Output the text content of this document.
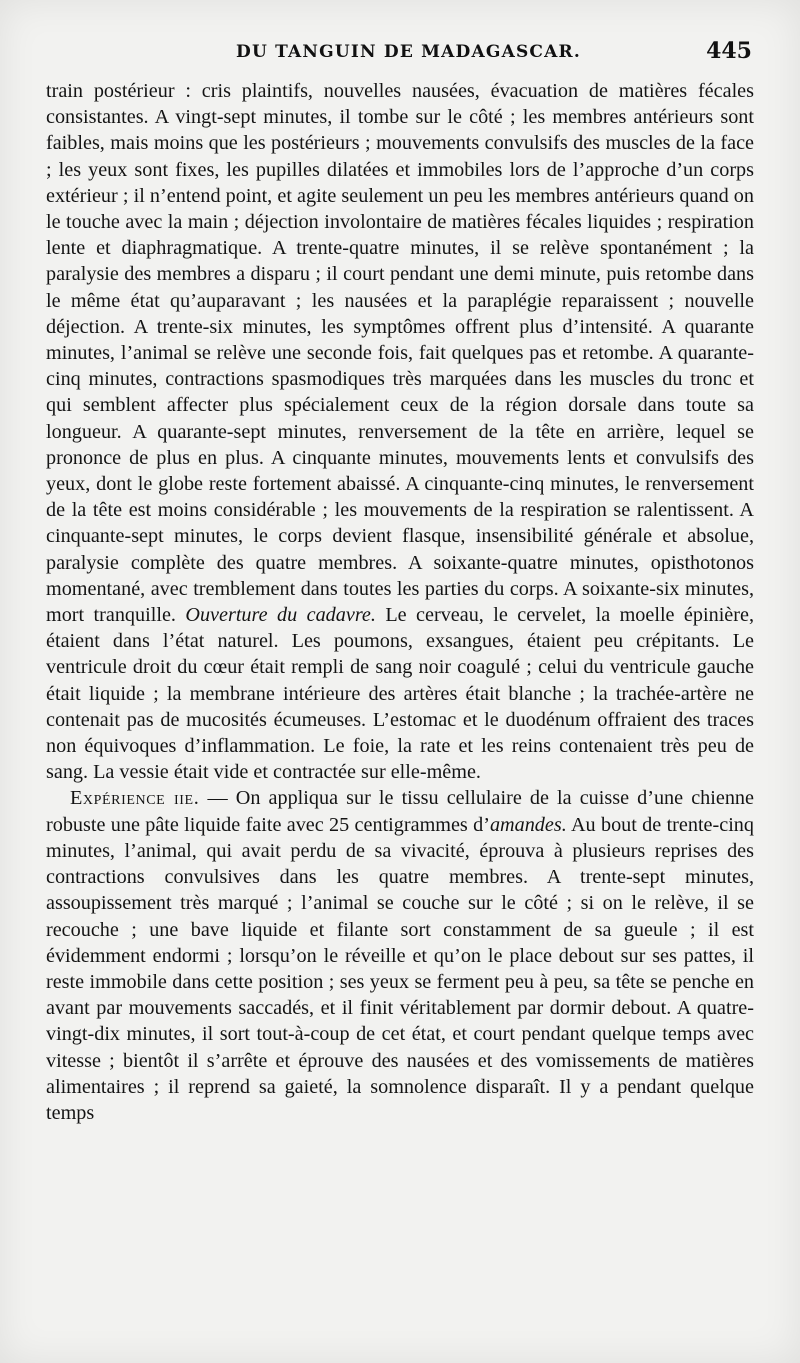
DU TANGUIN DE MADAGASCAR.	445

train postérieur : cris plaintifs, nouvelles nausées, évacuation de matières fécales consistantes. A vingt-sept minutes, il tombe sur le côté ; les membres antérieurs sont faibles, mais moins que les postérieurs ; mouvements convulsifs des muscles de la face ; les yeux sont fixes, les pupilles dilatées et immobiles lors de l’approche d’un corps extérieur ; il n’entend point, et agite seulement un peu les membres antérieurs quand on le touche avec la main ; déjection involontaire de matières fécales liquides ; respiration lente et diaphragmatique. A trente-quatre minutes, il se relève spontanément ; la paralysie des membres a disparu ; il court pendant une demi minute, puis retombe dans le même état qu’auparavant ; les nausées et la paraplégie reparaissent ; nouvelle déjection. A trente-six minutes, les symptômes offrent plus d’intensité. A quarante minutes, l’animal se relève une seconde fois, fait quelques pas et retombe. A quarante-cinq minutes, contractions spasmodiques très marquées dans les muscles du tronc et qui semblent affecter plus spécialement ceux de la région dorsale dans toute sa longueur. A quarante-sept minutes, renversement de la tête en arrière, lequel se prononce de plus en plus. A cinquante minutes, mouvements lents et convulsifs des yeux, dont le globe reste fortement abaissé. A cinquante-cinq minutes, le renversement de la tête est moins considérable ; les mouvements de la respiration se ralentissent. A cinquante-sept minutes, le corps devient flasque, insensibilité générale et absolue, paralysie complète des quatre membres. A soixante-quatre minutes, opisthotonos momentané, avec tremblement dans toutes les parties du corps. A soixante-six minutes, mort tranquille. Ouverture du cadavre. Le cerveau, le cervelet, la moelle épinière, étaient dans l’état naturel. Les poumons, exsangues, étaient peu crépitants. Le ventricule droit du cœur était rempli de sang noir coagulé ; celui du ventricule gauche était liquide ; la membrane intérieure des artères était blanche ; la trachée-artère ne contenait pas de mucosités écumeuses. L’estomac et le duodénum offraient des traces non équivoques d’inflammation. Le foie, la rate et les reins contenaient très peu de sang. La vessie était vide et contractée sur elle-même.

Expérience iie. — On appliqua sur le tissu cellulaire de la cuisse d’une chienne robuste une pâte liquide faite avec 25 centigrammes d’amandes. Au bout de trente-cinq minutes, l’animal, qui avait perdu de sa vivacité, éprouva à plusieurs reprises des contractions convulsives dans les quatre membres. A trente-sept minutes, assoupissement très marqué ; l’animal se couche sur le côté ; si on le relève, il se recouche ; une bave liquide et filante sort constamment de sa gueule ; il est évidemment endormi ; lorsqu’on le réveille et qu’on le place debout sur ses pattes, il reste immobile dans cette position ; ses yeux se ferment peu à peu, sa tête se penche en avant par mouvements saccadés, et il finit véritablement par dormir debout. A quatre-vingt-dix minutes, il sort tout-à-coup de cet état, et court pendant quelque temps avec vitesse ; bientôt il s’arrête et éprouve des nausées et des vomissements de matières alimentaires ; il reprend sa gaieté, la somnolence disparaît. Il y a pendant quelque temps
